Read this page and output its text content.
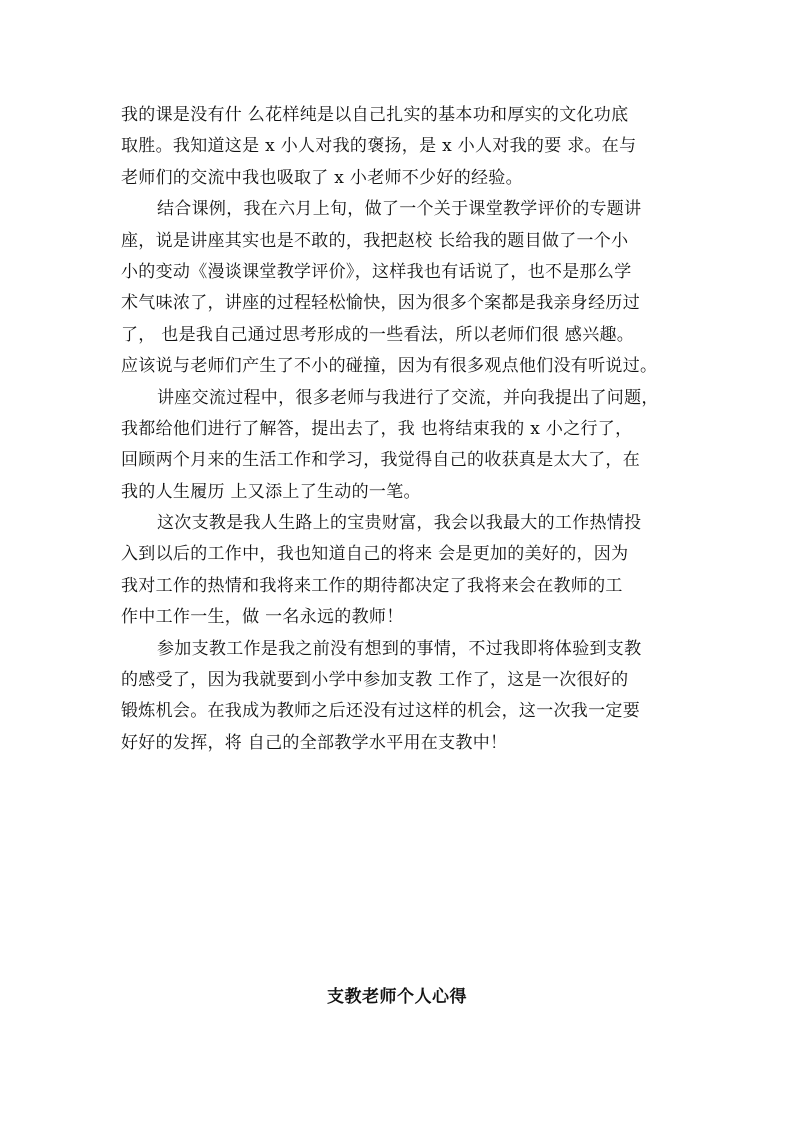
我的课是没有什 么花样纯是以自己扎实的基本功和厚实的文化功底
取胜。我知道这是 x 小人对我的褒扬，是 x 小人对我的要 求。在与
老师们的交流中我也吸取了 x 小老师不少好的经验。
结合课例，我在六月上旬，做了一个关于课堂教学评价的专题讲
座，说是讲座其实也是不敢的，我把赵校 长给我的题目做了一个小
小的变动《漫谈课堂教学评价》，这样我也有话说了，也不是那么学
术气味浓了，讲座的过程轻松愉快，因为很多个案都是我亲身经历过
了， 也是我自己通过思考形成的一些看法，所以老师们很 感兴趣。
应该说与老师们产生了不小的碰撞，因为有很多观点他们没有听说过。
讲座交流过程中，很多老师与我进行了交流，并向我提出了问题，
我都给他们进行了解答，提出去了，我 也将结束我的 x 小之行了，
回顾两个月来的生活工作和学习，我觉得自己的收获真是太大了，在
我的人生履历 上又添上了生动的一笔。
这次支教是我人生路上的宝贵财富，我会以我最大的工作热情投
入到以后的工作中，我也知道自己的将来 会是更加的美好的，因为
我对工作的热情和我将来工作的期待都决定了我将来会在教师的工
作中工作一生，做 一名永远的教师！
参加支教工作是我之前没有想到的事情，不过我即将体验到支教
的感受了，因为我就要到小学中参加支教 工作了，这是一次很好的
锻炼机会。在我成为教师之后还没有过这样的机会，这一次我一定要
好好的发挥，将 自己的全部教学水平用在支教中！
支教老师个人心得
